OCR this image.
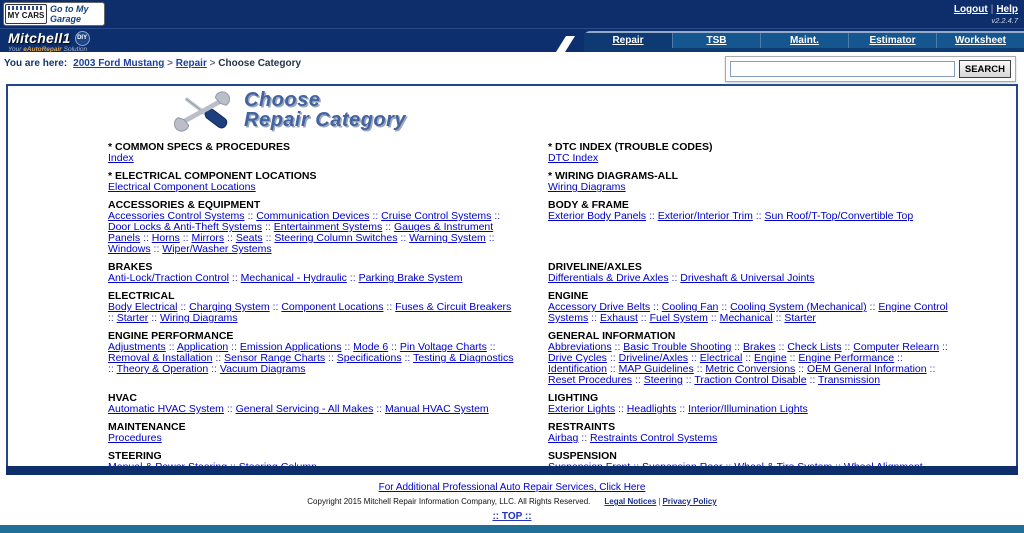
MY CARS
Go to My Garage
Logout | Help
v2.2.4.7
Mitchell1	DIY
Your eAutoRepair Solution
Repair	TSB	Maint.	Estimator	Worksheet
You are here: 2003 Ford Mustang > Repair > Choose Category	SEARCH
Choose
Repair Category
* COMMON SPECS & PROCEDURES
Index
* DTC INDEX (TROUBLE CODES)
DTC Index
* ELECTRICAL COMPONENT LOCATIONS
Electrical Component Locations
* WIRING DIAGRAMS-ALL
Wiring Diagrams
ACCESSORIES & EQUIPMENT
Accessories Control Systems :: Communication Devices :: Cruise Control Systems :: Door Locks & Anti-Theft Systems :: Entertainment Systems :: Gauges & Instrument Panels :: Horns :: Mirrors :: Seats :: Steering Column Switches :: Warning System :: Windows :: Wiper/Washer Systems
BODY & FRAME
Exterior Body Panels :: Exterior/Interior Trim :: Sun Roof/T-Top/Convertible Top
BRAKES
Anti-Lock/Traction Control :: Mechanical - Hydraulic :: Parking Brake System
DRIVELINE/AXLES
Differentials & Drive Axles :: Driveshaft & Universal Joints
ELECTRICAL
Body Electrical :: Charging System :: Component Locations :: Fuses & Circuit Breakers :: Starter :: Wiring Diagrams
ENGINE
Accessory Drive Belts :: Cooling Fan :: Cooling System (Mechanical) :: Engine Control Systems :: Exhaust :: Fuel System :: Mechanical :: Starter
ENGINE PERFORMANCE
Adjustments :: Application :: Emission Applications :: Mode 6 :: Pin Voltage Charts :: Removal & Installation :: Sensor Range Charts :: Specifications :: Testing & Diagnostics :: Theory & Operation :: Vacuum Diagrams
GENERAL INFORMATION
Abbreviations :: Basic Trouble Shooting :: Brakes :: Check Lists :: Computer Relearn :: Drive Cycles :: Driveline/Axles :: Electrical :: Engine :: Engine Performance :: Identification :: MAP Guidelines :: Metric Conversions :: OEM General Information :: Reset Procedures :: Steering :: Traction Control Disable :: Transmission
HVAC
Automatic HVAC System :: General Servicing - All Makes :: Manual HVAC System
LIGHTING
Exterior Lights :: Headlights :: Interior/Illumination Lights
MAINTENANCE
Procedures
RESTRAINTS
Airbag :: Restraints Control Systems
STEERING	SUSPENSION
For Additional Professional Auto Repair Services, Click Here
Copyright 2015 Mitchell Repair Information Company, LLC. All Rights Reserved. Legal Notices | Privacy Policy
:: TOP ::
